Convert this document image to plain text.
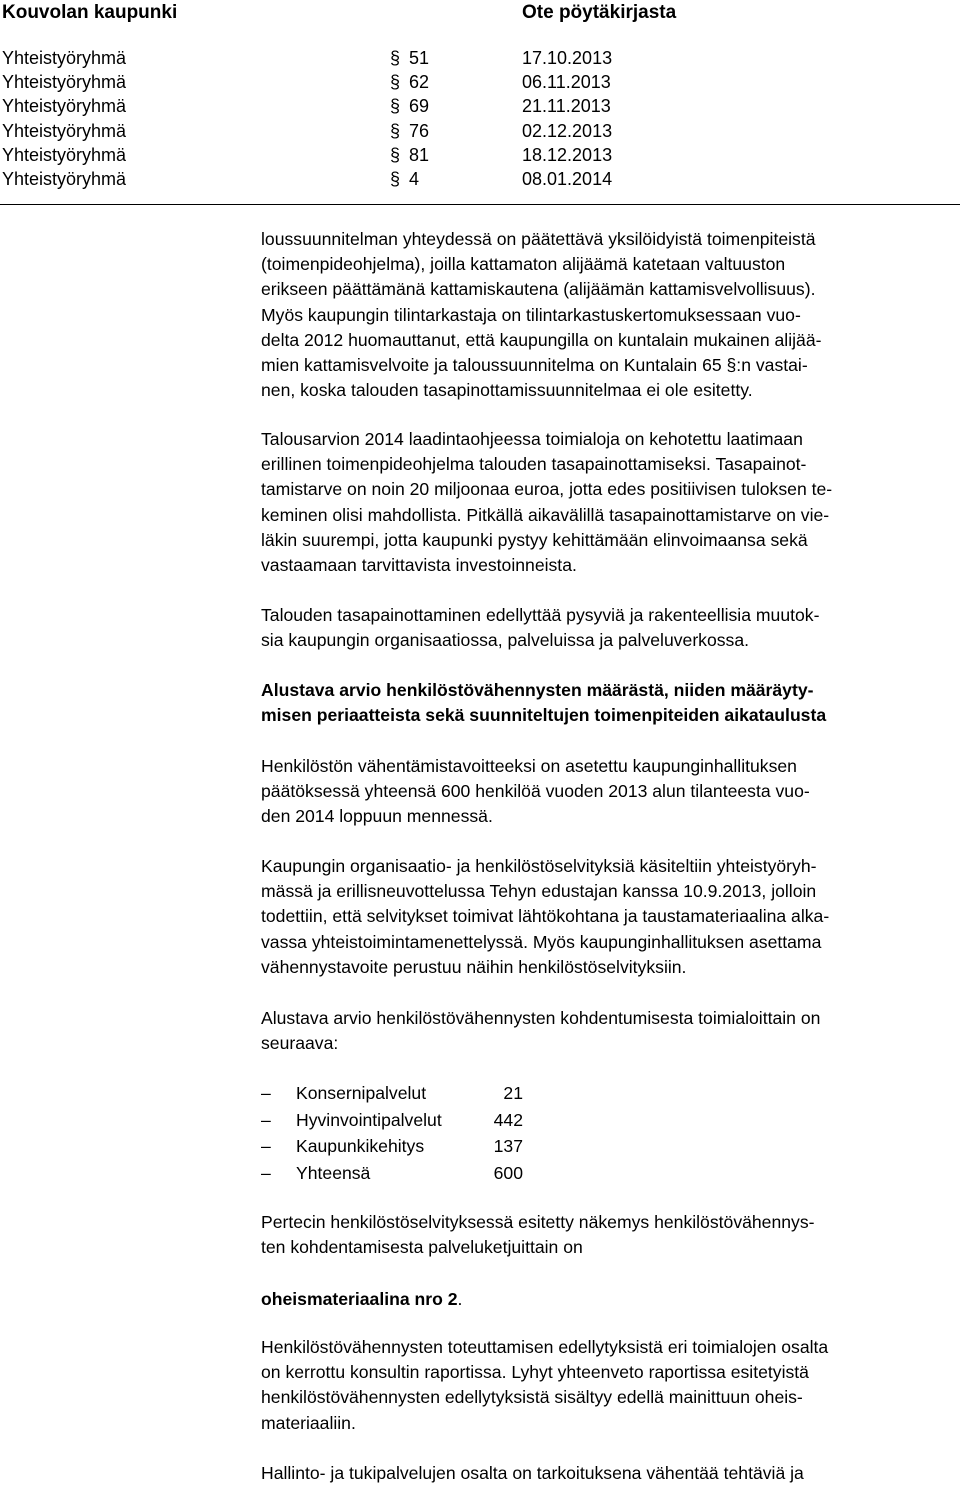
Kouvolan kaupunki	Ote pöytäkirjasta
Yhteistyöryhmä	§ 51	17.10.2013
Yhteistyöryhmä	§ 62	06.11.2013
Yhteistyöryhmä	§ 69	21.11.2013
Yhteistyöryhmä	§ 76	02.12.2013
Yhteistyöryhmä	§ 81	18.12.2013
Yhteistyöryhmä	§ 4	08.01.2014

loussuunnitelman yhteydessä on päätettävä yksilöidyistä toimenpiteistä
(toimenpideohjelma), joilla kattamaton alijäämä katetaan valtuuston
erikseen päättämänä kattamiskautena (alijäämän kattamisvelvollisuus).
Myös kaupungin tilintarkastaja on tilintarkastuskertomuksessaan vuo-
delta 2012 huomauttanut, että kaupungilla on kuntalain mukainen alijää-
mien kattamisvelvoite ja taloussuunnitelma on Kuntalain 65 §:n vastai-
nen, koska talouden tasapinottamissuunnitelmaa ei ole esitetty.

Talousarvion 2014 laadintaohjeessa toimialoja on kehotettu laatimaan
erillinen toimenpideohjelma talouden tasapainottamiseksi. Tasapainot-
tamistarve on noin 20 miljoonaa euroa, jotta edes positiivisen tuloksen te-
keminen olisi mahdollista. Pitkällä aikavälillä tasapainottamistarve on vie-
läkin suurempi, jotta kaupunki pystyy kehittämään elinvoimaansa sekä
vastaamaan tarvittavista investoinneista.

Talouden tasapainottaminen edellyttää pysyviä ja rakenteellisia muutok-
sia kaupungin organisaatiossa, palveluissa ja palveluverkossa.

Alustava arvio henkilöstövähennysten määrästä, niiden määräyty-
misen periaatteista sekä suunniteltujen toimenpiteiden aikataulusta

Henkilöstön vähentämistavoitteeksi on asetettu kaupunginhallituksen
päätöksessä yhteensä 600 henkilöä vuoden 2013 alun tilanteesta vuo-
den 2014 loppuun mennessä.

Kaupungin organisaatio- ja henkilöstöselvityksiä käsiteltiin yhteistyöryh-
mässä ja erillisneuvottelussa Tehyn edustajan kanssa 10.9.2013, jolloin
todettiin, että selvitykset toimivat lähtökohtana ja taustamateriaalina alka-
vassa yhteistoimintamenettelyssä. Myös kaupunginhallituksen asettama
vähennystavoite perustuu näihin henkilöstöselvityksiin.

Alustava arvio henkilöstövähennysten kohdentumisesta toimialoittain on
seuraava:

– Konsernipalvelut	21
– Hyvinvointipalvelut	442
– Kaupunkikehitys	137
– Yhteensä	600

Pertecin henkilöstöselvityksessä esitetty näkemys henkilöstövähennys-
ten kohdentamisesta palveluketjuittain on

oheismateriaalina nro 2.

Henkilöstövähennysten toteuttamisen edellytyksistä eri toimialojen osalta
on kerrottu konsultin raportissa. Lyhyt yhteenveto raportissa esitetyistä
henkilöstövähennysten edellytyksistä sisältyy edellä mainittuun oheis-
materiaaliin.

Hallinto- ja tukipalvelujen osalta on tarkoituksena vähentää tehtäviä ja
